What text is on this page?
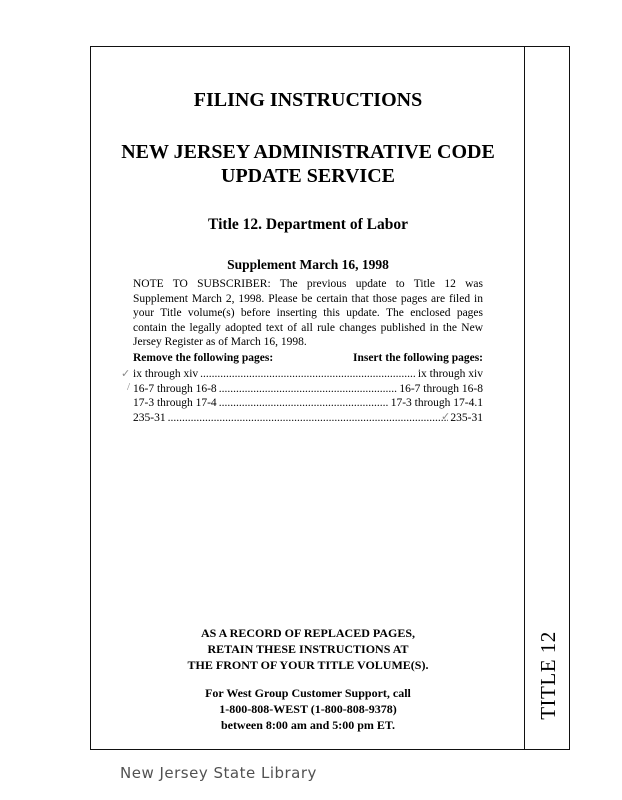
TITLE 12
FILING INSTRUCTIONS
NEW JERSEY ADMINISTRATIVE CODE
UPDATE SERVICE
Title 12. Department of Labor
Supplement March 16, 1998
NOTE TO SUBSCRIBER: The previous update to Title 12 was Supplement March 2, 1998. Please be certain that those pages are filed in your Title volume(s) before inserting this update. The enclosed pages contain the legally adopted text of all rule changes published in the New Jersey Register as of March 16, 1998.
Remove the following pages:	Insert the following pages:
ix through xiv .....	ix through xiv
16-7 through 16-8 .....	16-7 through 16-8
17-3 through 17-4 .....	17-3 through 17-4.1
235-31 .....	235-31
✓
/
✓
AS A RECORD OF REPLACED PAGES,
RETAIN THESE INSTRUCTIONS AT
THE FRONT OF YOUR TITLE VOLUME(S).
For West Group Customer Support, call
1-800-808-WEST (1-800-808-9378)
between 8:00 am and 5:00 pm ET.
New Jersey State Library
